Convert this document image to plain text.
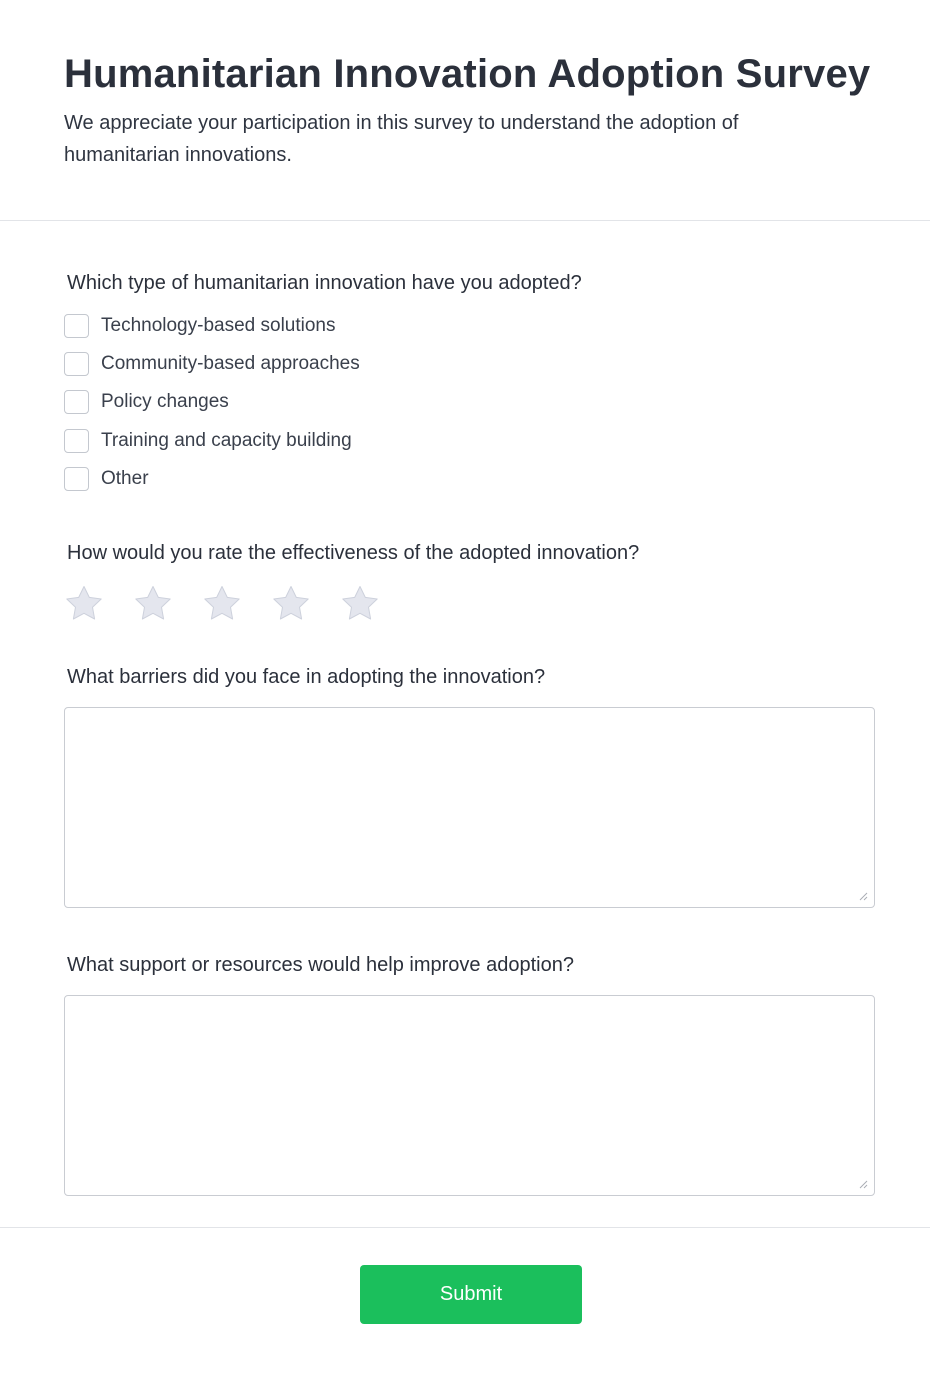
Humanitarian Innovation Adoption Survey

We appreciate your participation in this survey to understand the adoption of humanitarian innovations.

Which type of humanitarian innovation have you adopted?
Technology-based solutions
Community-based approaches
Policy changes
Training and capacity building
Other
How would you rate the effectiveness of the adopted innovation?
What barriers did you face in adopting the innovation?
What support or resources would help improve adoption?
Submit
